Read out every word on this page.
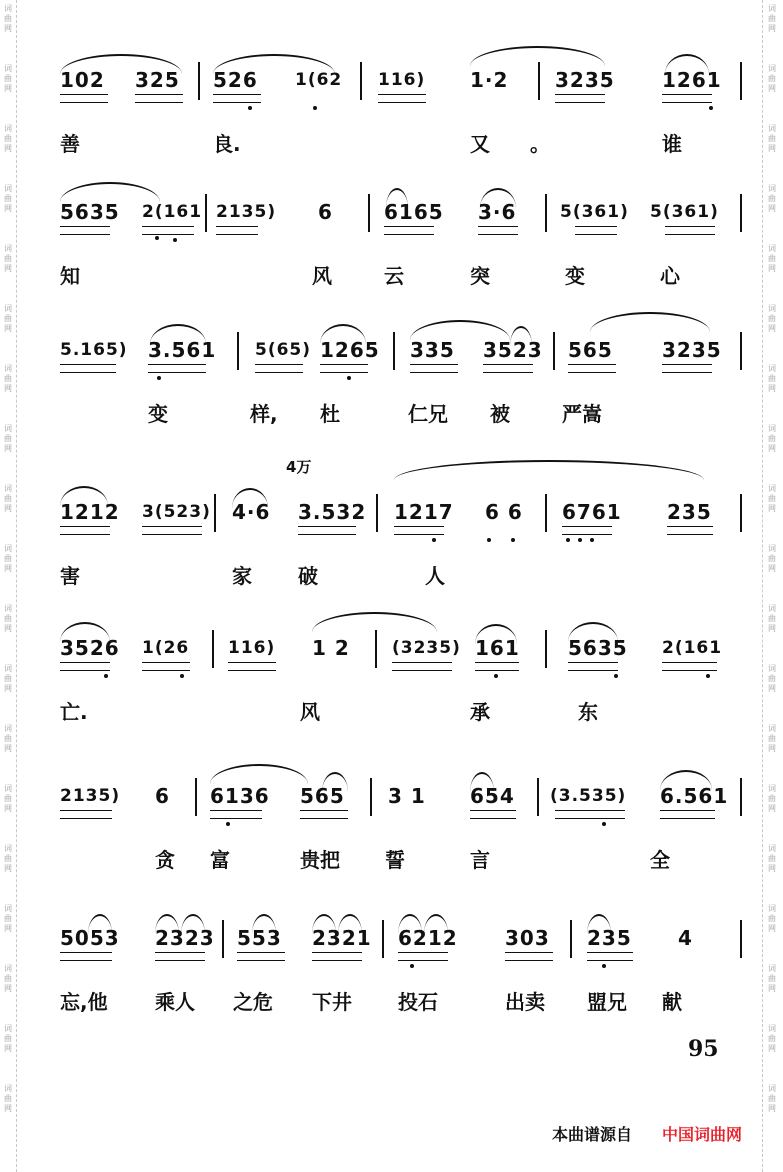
102 325 526 1(62 116) 1·2 3235 1261
善	良.	又 。	谁
5635 2(161 2135) 6	6165 3·6	5(361) 5(361)
知	风	云	突	变	心
5.165) 3.561 5(65) 1265 335 3523 565 3235
变	样, 杜	仁兄 被	严嵩
4万
1212 3(523) 4·6 3.532 1217 6 6 6761 235
害	家 破	人
3526 1(26 116) 1 2 (3235) 161 5635 2(161
亡.	风	承	东
2135) 6 6136 565 3 1 654 (3.535) 6.561
贪 富	贵把 誓	言	全
5053 2323 553 2321 6212 303 235 4
忘,他 乘人 之危 下井 投石	出卖 盟兄 献
95
本曲谱源自 中国词曲网
词
曲
网
词
曲
网
词
曲
网
词
曲
网
词
曲
网
词
曲
网
词
曲
网
词
曲
网
词
曲
网
词
曲
网
词
曲
网
词
曲
网
词
曲
网
词
曲
网
词
曲
网
词
曲
网
词
曲
网
词
曲
网
词
曲
网
词
曲
网
词
曲
网
词
曲
网
词
曲
网
词
曲
网
词
曲
网
词
曲
网
词
曲
网
词
曲
网
词
曲
网
词
曲
网
词
曲
网
词
曲
网
词
曲
网
词
曲
网
词
曲
网
词
曲
网
词
曲
网
词
曲
网
